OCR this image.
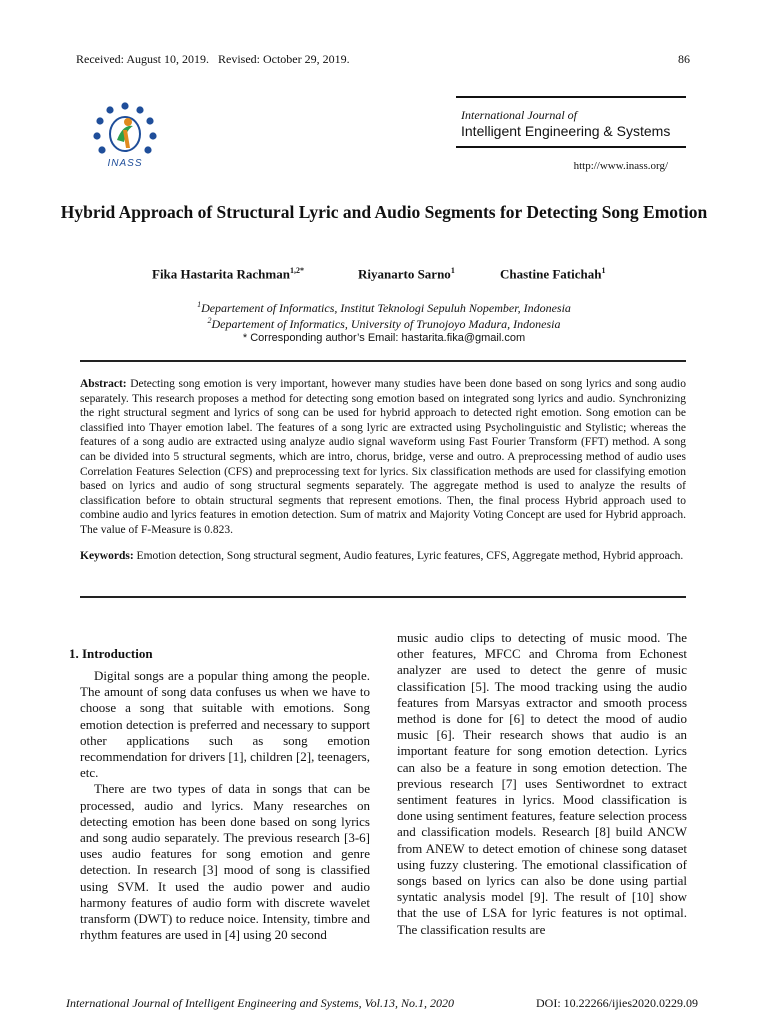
Received: August 10, 2019. Revised: October 29, 2019.	86
INASS
International Journal of
Intelligent Engineering & Systems
http://www.inass.org/
Hybrid Approach of Structural Lyric and Audio Segments for Detecting Song Emotion
Fika Hastarita Rachman$^{1,2*}$	Riyanarto Sarno$^1$	Chastine Fatichah$^1$
$^1$Departement of Informatics, Institut Teknologi Sepuluh Nopember, Indonesia
$^2$Departement of Informatics, University of Trunojoyo Madura, Indonesia
* Corresponding author’s Email: hastarita.fika@gmail.com
Abstract: Detecting song emotion is very important, however many studies have been done based on song lyrics and song audio separately. This research proposes a method for detecting song emotion based on integrated song lyrics and audio. Synchronizing the right structural segment and lyrics of song can be used for hybrid approach to detected right emotion. Song emotion can be classified into Thayer emotion label. The features of a song lyric are extracted using Psycholinguistic and Stylistic; whereas the features of a song audio are extracted using analyze audio signal waveform using Fast Fourier Transform (FFT) method. A song can be divided into 5 structural segments, which are intro, chorus, bridge, verse and outro. A preprocessing method of audio uses Correlation Features Selection (CFS) and preprocessing text for lyrics. Six classification methods are used for classifying emotion based on lyrics and audio of song structural segments separately. The aggregate method is used to analyze the results of classification before to obtain structural segments that represent emotions. Then, the final process Hybrid approach used to combine audio and lyrics features in emotion detection. Sum of matrix and Majority Voting Concept are used for Hybrid approach. The value of F-Measure is 0.823.
Keywords: Emotion detection, Song structural segment, Audio features, Lyric features, CFS, Aggregate method, Hybrid approach.
1. Introduction

Digital songs are a popular thing among the people. The amount of song data confuses us when we have to choose a song that suitable with emotions. Song emotion detection is preferred and necessary to support other applications such as song emotion recommendation for drivers [1], children [2], teenagers, etc.

There are two types of data in songs that can be processed, audio and lyrics. Many researches on detecting emotion has been done based on song lyrics and song audio separately. The previous research [3-6] uses audio features for song emotion and genre detection. In research [3] mood of song is classified using SVM. It used the audio power and audio harmony features of audio form with discrete wavelet transform (DWT) to reduce noice. Intensity, timbre and rhythm features are used in [4] using 20 second

music audio clips to detecting of music mood. The other features, MFCC and Chroma from Echonest analyzer are used to detect the genre of music classification [5]. The mood tracking using the audio features from Marsyas extractor and smooth process method is done for [6] to detect the mood of audio music [6]. Their research shows that audio is an important feature for song emotion detection. Lyrics can also be a feature in song emotion detection. The previous research [7] uses Sentiwordnet to extract sentiment features in lyrics. Mood classification is done using sentiment features, feature selection process and classification models. Research [8] build ANCW from ANEW to detect emotion of chinese song dataset using fuzzy clustering. The emotional classification of songs based on lyrics can also be done using partial syntatic analysis model [9]. The result of [10] show that the use of LSA for lyric features is not optimal. The classification results are

International Journal of Intelligent Engineering and Systems, Vol.13, No.1, 2020	DOI: 10.22266/ijies2020.0229.09
